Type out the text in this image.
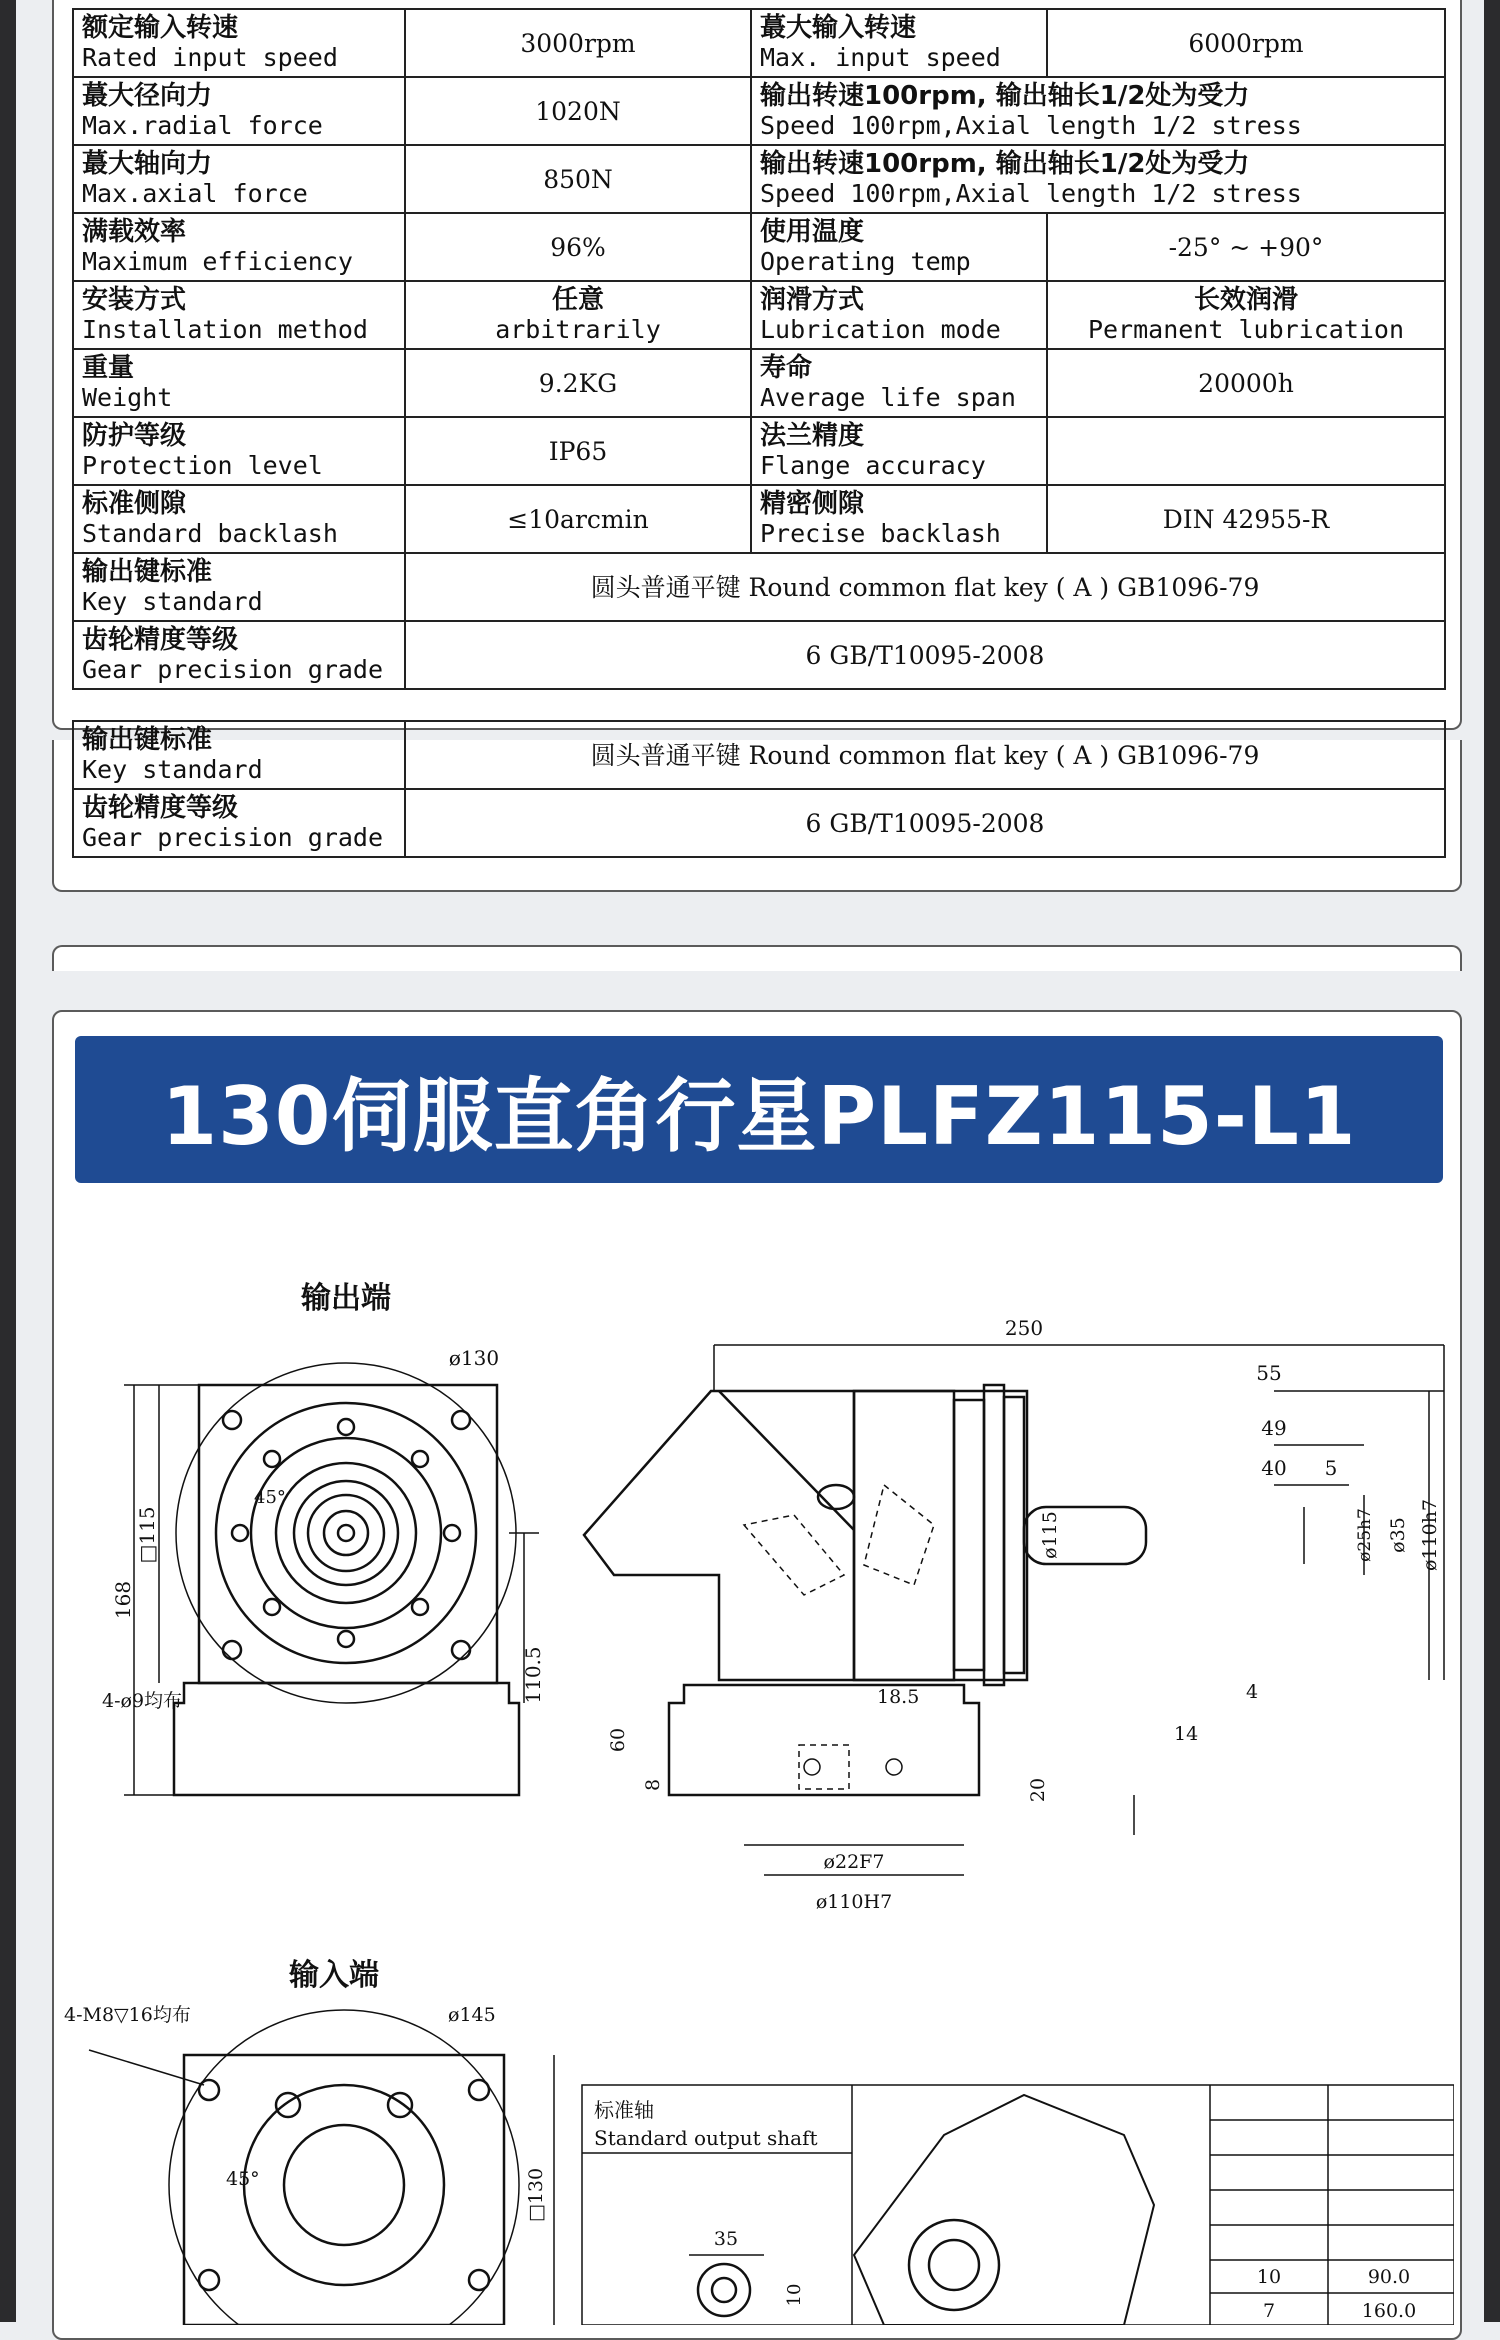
额定输入转速
Rated input speed	3000rpm	蕞大输入转速
Max. input speed	6000rpm

蕞大径向力
Max.radial force	1020N	输出转速100rpm, 输出轴长1/2处为受力
Speed 100rpm,Axial length 1/2 stress	

蕞大轴向力
Max.axial force	850N	输出转速100rpm, 输出轴长1/2处为受力
Speed 100rpm,Axial length 1/2 stress	

满载效率
Maximum efficiency	96%	使用温度
Operating temp	-25° ~ +90°

安装方式
Installation method	任意
arbitrarily	润滑方式
Lubrication mode	长效润滑
Permanent lubrication

重量
Weight	9.2KG	寿命
Average life span	20000h

防护等级
Protection level	IP65	法兰精度
Flange accuracy	

标准侧隙
Standard backlash	≤10arcmin	精密侧隙
Precise backlash	DIN 42955-R

输出键标准
Key standard	圆头普通平键 Round common flat key ( A ) GB1096-79		

齿轮精度等级
Gear precision grade	6 GB/T10095-2008		
输出键标准
Key standard	圆头普通平键 Round common flat key ( A ) GB1096-79

齿轮精度等级
Gear precision grade	6 GB/T10095-2008
130伺服直角行星PLFZ115-L1
输出端
ø130
□115
168
45°
110.5
4-ø9均布
250
55
49
40 5
ø115	ø25h7 ø35 ø110h7
4
14
18.5
60
8	20
ø22F7
ø110H7
输入端
4-M8▽16均布	ø145
45°	□130
标准轴
Standard output shaft
35
10
10	90.0
7	160.0
